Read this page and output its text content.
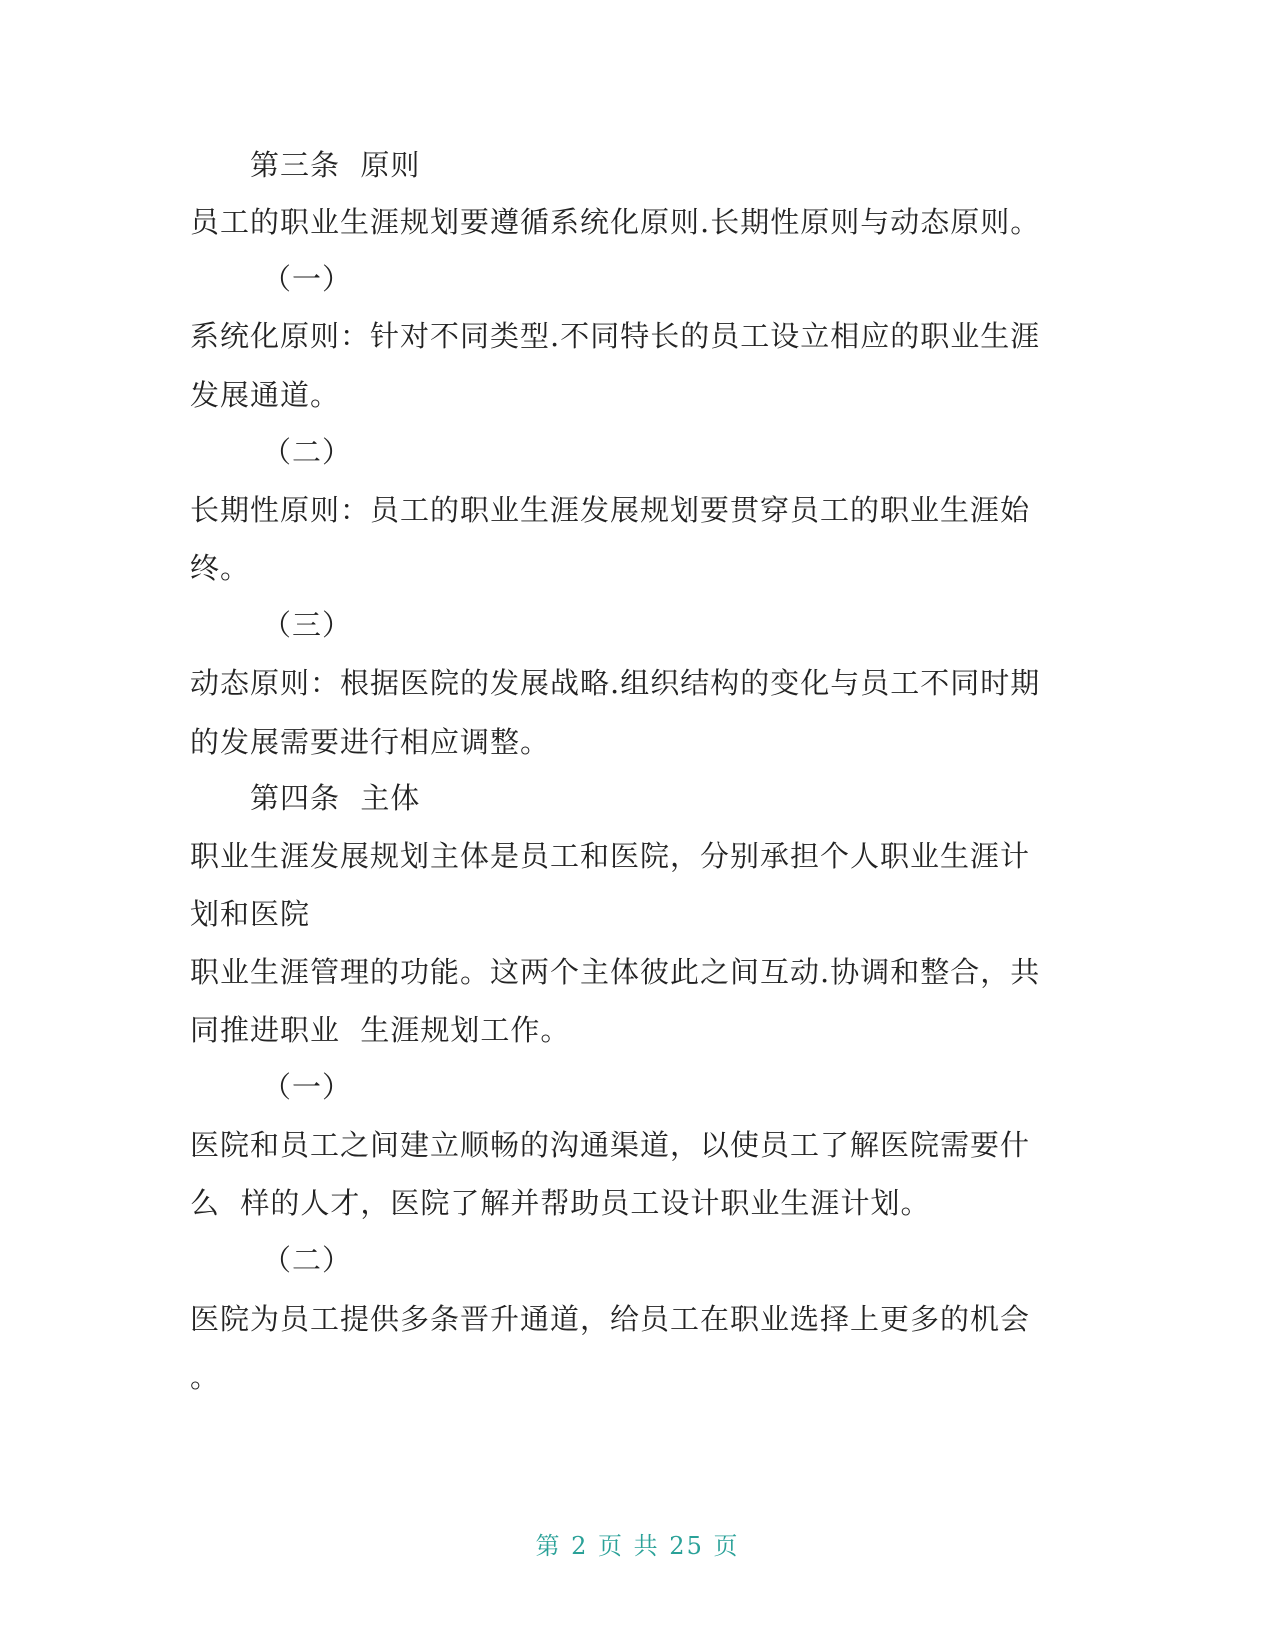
第三条  原则
员工的职业生涯规划要遵循系统化原则.长期性原则与动态原则。
（一）
系统化原则：针对不同类型.不同特长的员工设立相应的职业生涯
发展通道。
（二）
长期性原则：员工的职业生涯发展规划要贯穿员工的职业生涯始
终。
（三）
动态原则：根据医院的发展战略.组织结构的变化与员工不同时期
的发展需要进行相应调整。
第四条  主体
职业生涯发展规划主体是员工和医院，分别承担个人职业生涯计
划和医院
职业生涯管理的功能。这两个主体彼此之间互动.协调和整合，共
同推进职业  生涯规划工作。
（一）
医院和员工之间建立顺畅的沟通渠道，以使员工了解医院需要什
么  样的人才，医院了解并帮助员工设计职业生涯计划。
（二）
医院为员工提供多条晋升通道，给员工在职业选择上更多的机会
。
第 2 页 共 25 页
